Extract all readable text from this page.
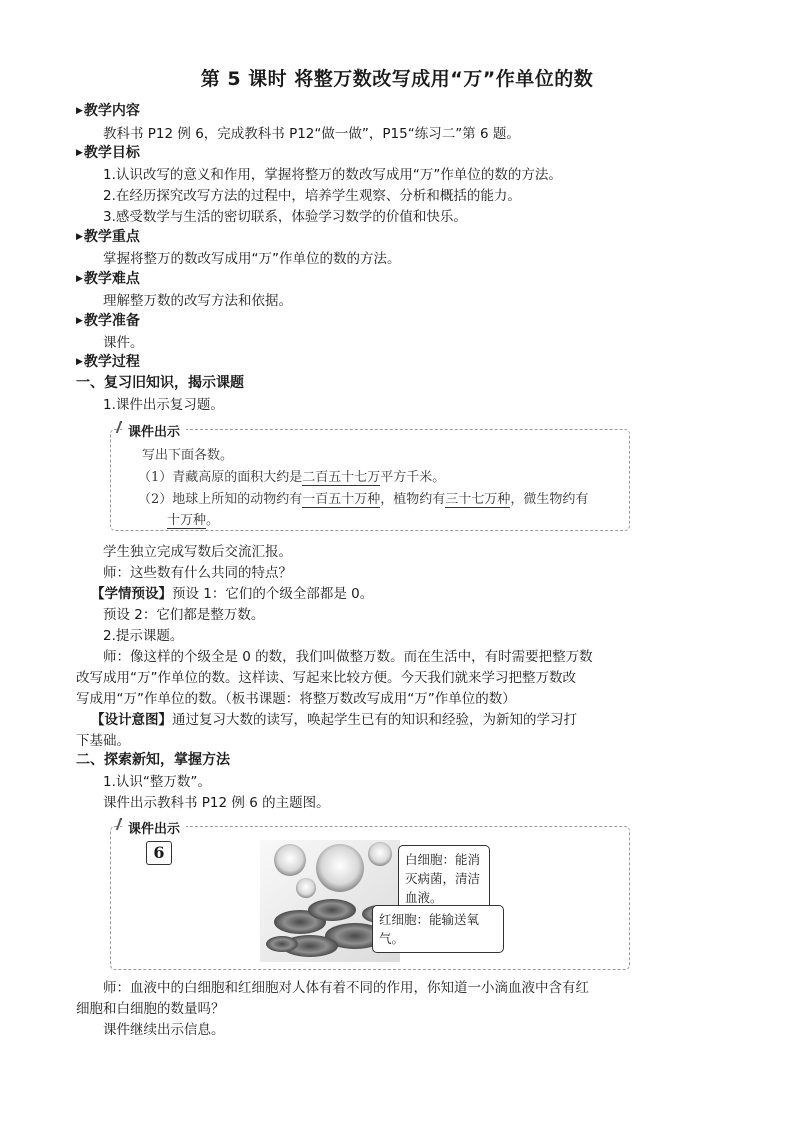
第 5 课时 将整万数改写成用“万”作单位的数
▶教学内容
教科书 P12 例 6，完成教科书 P12“做一做”，P15“练习二”第 6 题。
▶教学目标
1.认识改写的意义和作用，掌握将整万的数改写成用“万”作单位的数的方法。
2.在经历探究改写方法的过程中，培养学生观察、分析和概括的能力。
3.感受数学与生活的密切联系，体验学习数学的价值和快乐。
▶教学重点
掌握将整万的数改写成用“万”作单位的数的方法。
▶教学难点
理解整万数的改写方法和依据。
▶教学准备
课件。
▶教学过程
一、复习旧知识，揭示课题
1.课件出示复习题。
课件出示
写出下面各数。
（1）青藏高原的面积大约是二百五十七万平方千米。
（2）地球上所知的动物约有一百五十万种，植物约有三十七万种，微生物约有
十万种。
学生独立完成写数后交流汇报。
师：这些数有什么共同的特点？
【学情预设】预设 1：它们的个级全部都是 0。
预设 2：它们都是整万数。
2.提示课题。
师：像这样的个级全是 0 的数，我们叫做整万数。而在生活中，有时需要把整万数
改写成用“万”作单位的数。这样读、写起来比较方便。今天我们就来学习把整万数改
写成用“万”作单位的数。（板书课题：将整万数改写成用“万”作单位的数）
【设计意图】通过复习大数的读写，唤起学生已有的知识和经验，为新知的学习打
下基础。
二、探索新知，掌握方法
1.认识“整万数”。
课件出示教科书 P12 例 6 的主题图。
课件出示
6	白细胞：能消灭病菌，清洁血液。
红细胞：能输送氧气。
师：血液中的白细胞和红细胞对人体有着不同的作用，你知道一小滴血液中含有红
细胞和白细胞的数量吗？
课件继续出示信息。
